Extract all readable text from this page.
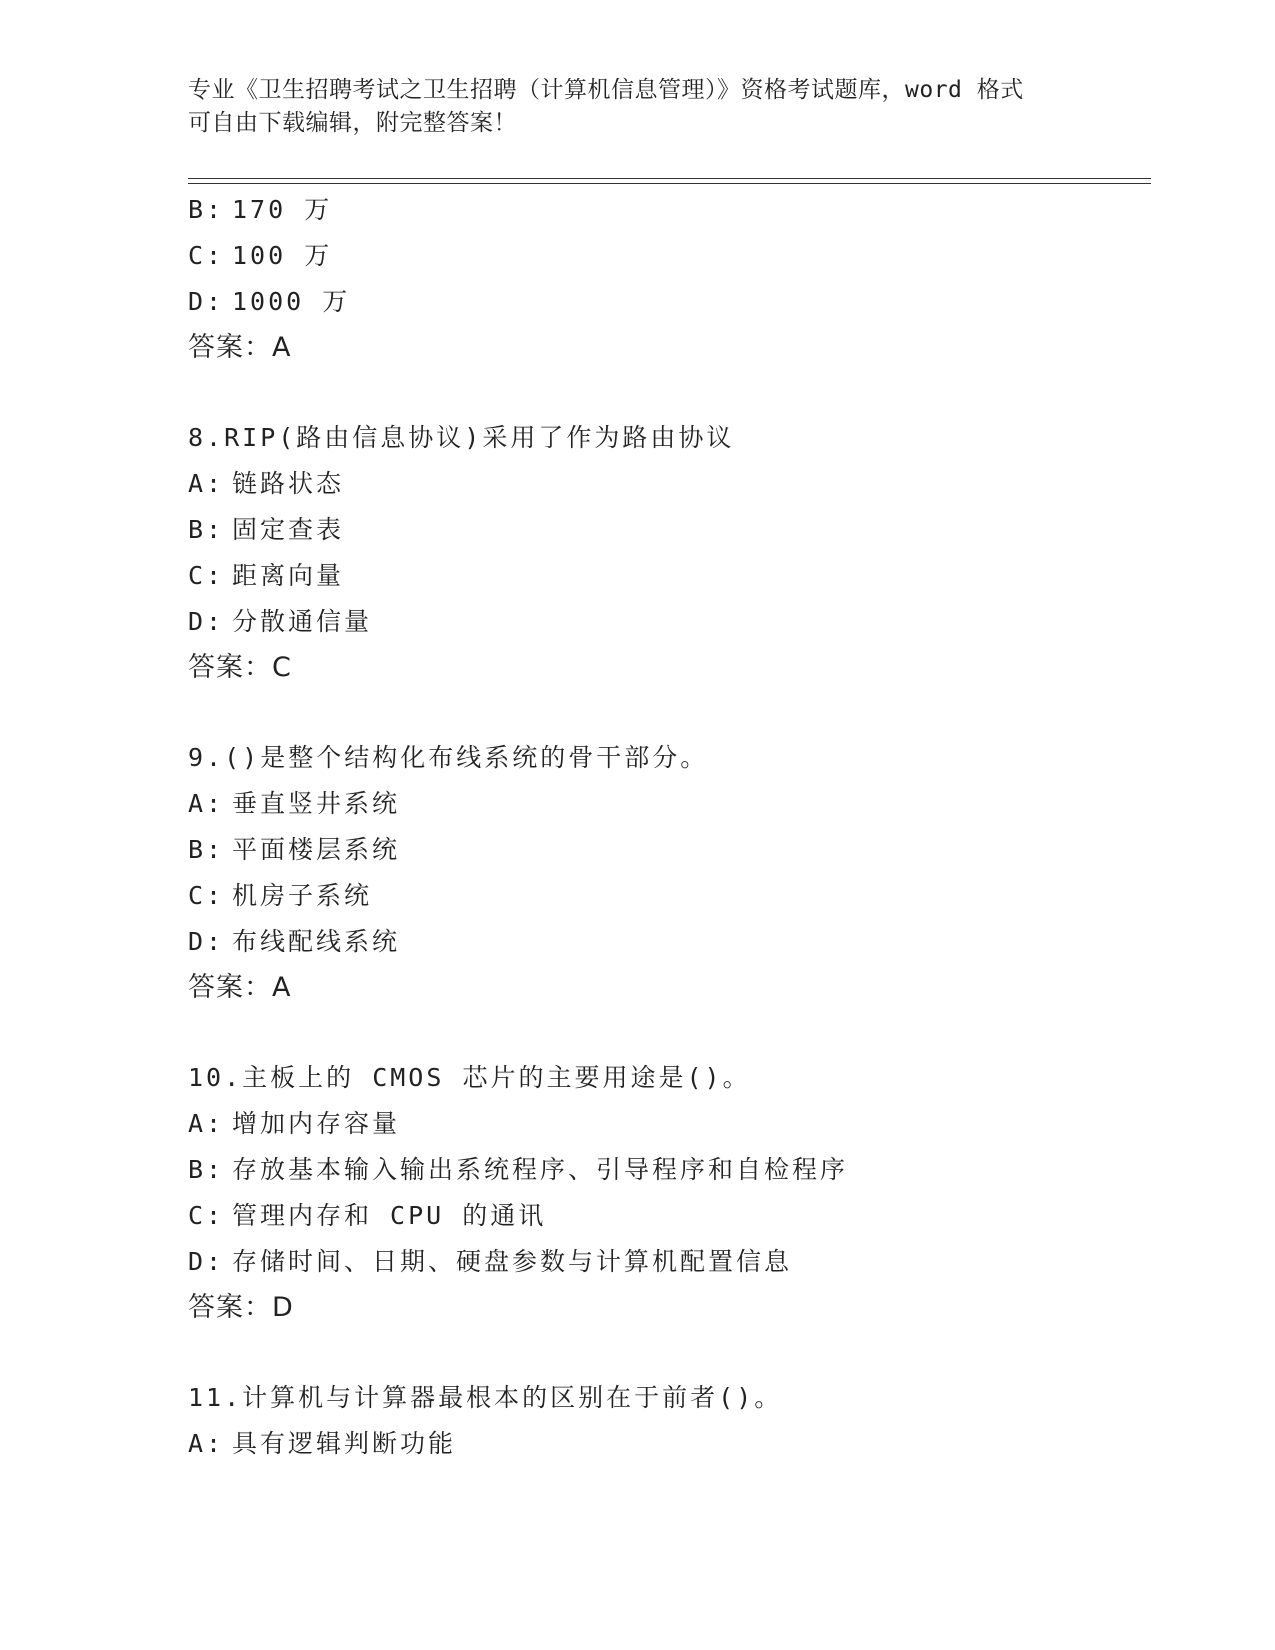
专业《卫生招聘考试之卫生招聘（计算机信息管理）》资格考试题库，word 格式
可自由下载编辑，附完整答案！
B: 170 万
C: 100 万
D: 1000 万
答案：A
8.RIP(路由信息协议)采用了作为路由协议
A: 链路状态
B: 固定查表
C: 距离向量
D: 分散通信量
答案：C
9.()是整个结构化布线系统的骨干部分。
A: 垂直竖井系统
B: 平面楼层系统
C: 机房子系统
D: 布线配线系统
答案：A
10.主板上的 CMOS 芯片的主要用途是()。
A: 增加内存容量
B: 存放基本输入输出系统程序、引导程序和自检程序
C: 管理内存和 CPU 的通讯
D: 存储时间、日期、硬盘参数与计算机配置信息
答案：D
11.计算机与计算器最根本的区别在于前者()。
A: 具有逻辑判断功能
